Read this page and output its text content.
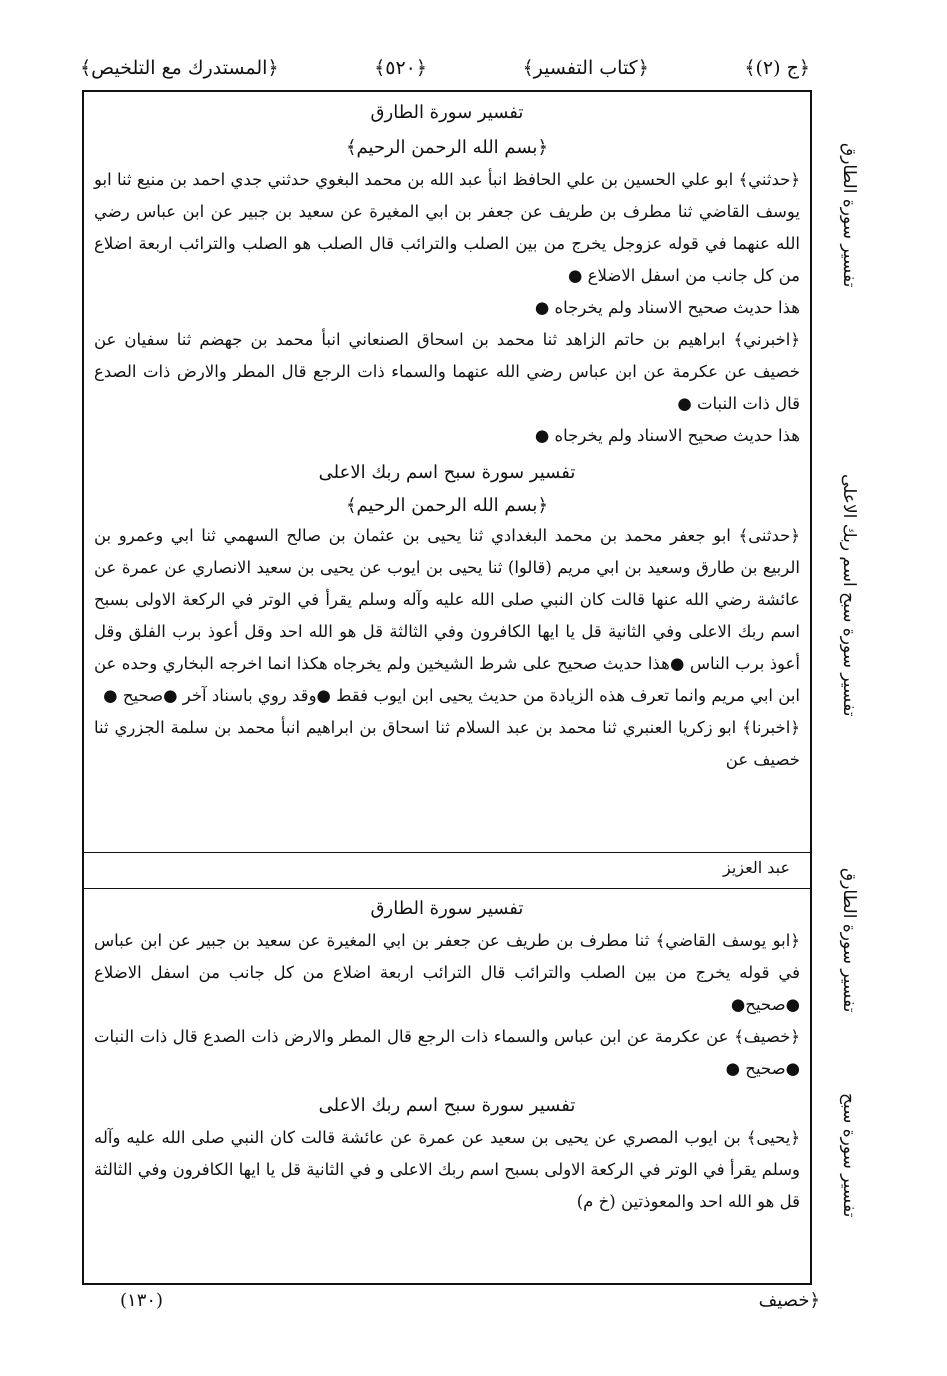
﴿المستدرك مع التلخيص﴾	﴿٥٢٠﴾	﴿كتاب التفسير﴾	﴿ج (٢)﴾
تفسير سورة الطارق
تفسير سورة سبح اسم ربك الاعلى
تفسير سورة الطارق
تفسير سورة سبح
تفسير سورة الطارق
﴿بسم الله الرحمن الرحيم﴾

﴿حدثني﴾ ابو علي الحسين بن علي الحافظ انبأ عبد الله بن محمد البغوي حدثني جدي احمد بن منيع ثنا ابو يوسف القاضي ثنا مطرف بن طريف عن جعفر بن ابي المغيرة عن سعيد بن جبير عن ابن عباس رضي الله عنهما في قوله عزوجل يخرج من بين الصلب والترائب قال الصلب هو الصلب والترائب اربعة اضلاع من كل جانب من اسفل الاضلاع ●

هذا حديث صحيح الاسناد ولم يخرجاه ●

﴿اخبرني﴾ ابراهيم بن حاتم الزاهد ثنا محمد بن اسحاق الصنعاني انبأ محمد بن جهضم ثنا سفيان عن خصيف عن عكرمة عن ابن عباس رضي الله عنهما والسماء ذات الرجع قال المطر والارض ذات الصدع قال ذات النبات ●

هذا حديث صحيح الاسناد ولم يخرجاه ●

تفسير سورة سبح اسم ربك الاعلى
﴿بسم الله الرحمن الرحيم﴾

﴿حدثنى﴾ ابو جعفر محمد بن محمد البغدادي ثنا يحيى بن عثمان بن صالح السهمي ثنا ابي وعمرو بن الربيع بن طارق وسعيد بن ابي مريم (قالوا) ثنا يحيى بن ايوب عن يحيى بن سعيد الانصاري عن عمرة عن عائشة رضي الله عنها قالت كان النبي صلى الله عليه وآله وسلم يقرأ في الوتر في الركعة الاولى بسبح اسم ربك الاعلى وفي الثانية قل يا ايها الكافرون وفي الثالثة قل هو الله احد وقل أعوذ برب الفلق وقل أعوذ برب الناس ●هذا حديث صحيح على شرط الشيخين ولم يخرجاه هكذا انما اخرجه البخاري وحده عن ابن ابي مريم وانما تعرف هذه الزيادة من حديث يحيى ابن ايوب فقط ●وقد روي باسناد آخر ●صحيح ●

﴿اخبرنا﴾ ابو زكريا العنبري ثنا محمد بن عبد السلام ثنا اسحاق بن ابراهيم انبأ محمد بن سلمة الجزري ثنا خصيف عن

عبد العزيز
تفسير سورة الطارق

﴿ابو يوسف القاضي﴾ ثنا مطرف بن طريف عن جعفر بن ابي المغيرة عن سعيد بن جبير عن ابن عباس في قوله يخرج من بين الصلب والترائب قال الترائب اربعة اضلاع من كل جانب من اسفل الاضلاع ●صحيح●

﴿خصيف﴾ عن عكرمة عن ابن عباس والسماء ذات الرجع قال المطر والارض ذات الصدع قال ذات النبات ●صحيح ●

تفسير سورة سبح اسم ربك الاعلى

﴿يحيى﴾ بن ايوب المصري عن يحيى بن سعيد عن عمرة عن عائشة قالت كان النبي صلى الله عليه وآله وسلم يقرأ في الوتر في الركعة الاولى بسبح اسم ربك الاعلى و في الثانية قل يا ايها الكافرون وفي الثالثة قل هو الله احد والمعوذتين (خ م)

﴿خصيف
(١٣٠)
